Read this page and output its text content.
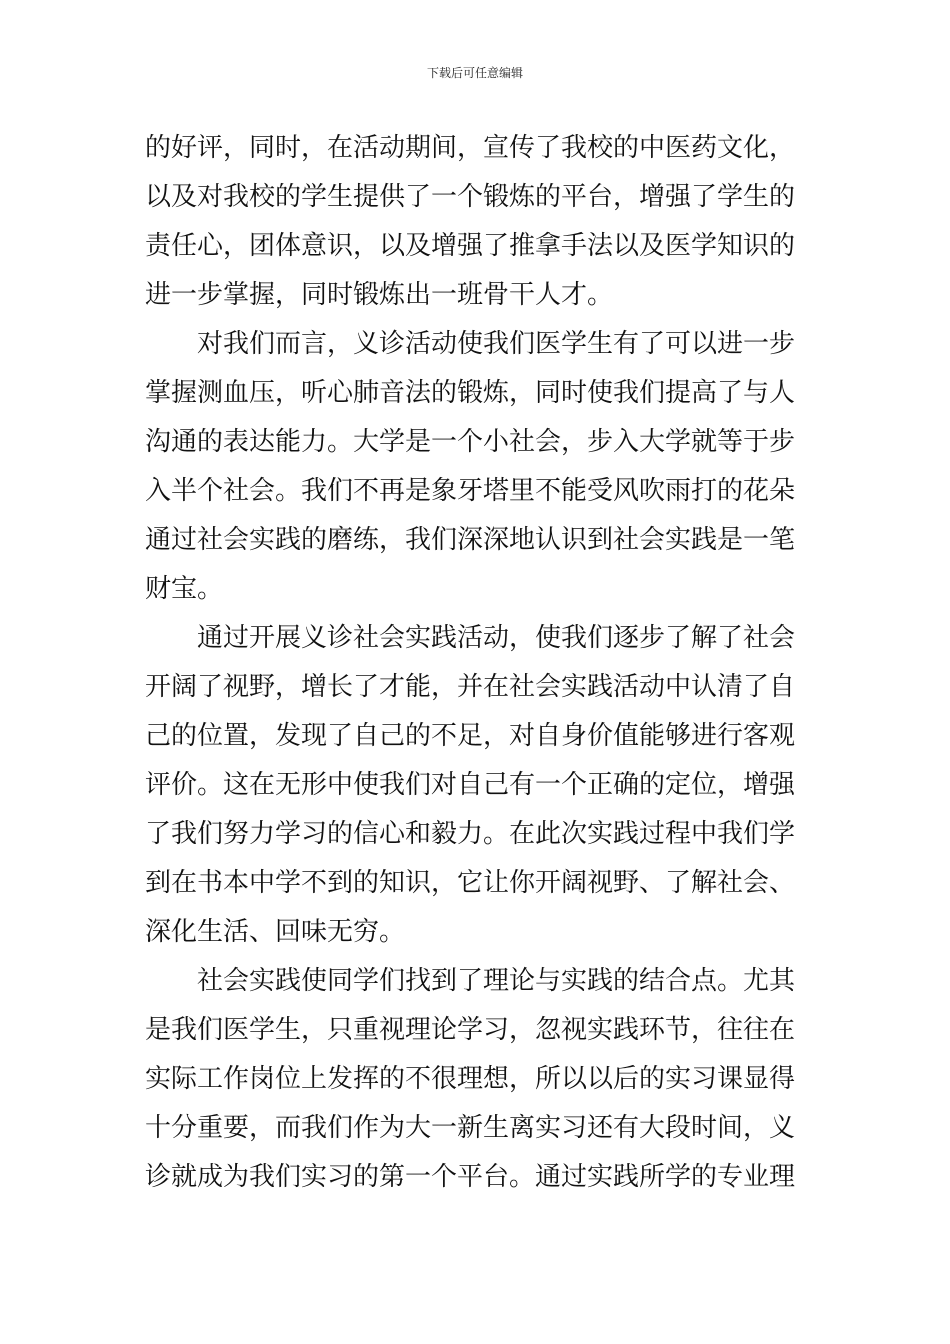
下载后可任意编辑
的好评，同时，在活动期间，宣传了我校的中医药文化，
以及对我校的学生提供了一个锻炼的平台，增强了学生的
责任心，团体意识，以及增强了推拿手法以及医学知识的
进一步掌握，同时锻炼出一班骨干人才。
　　对我们而言，义诊活动使我们医学生有了可以进一步
掌握测血压，听心肺音法的锻炼，同时使我们提高了与人
沟通的表达能力。大学是一个小社会，步入大学就等于步
入半个社会。我们不再是象牙塔里不能受风吹雨打的花朵
通过社会实践的磨练，我们深深地认识到社会实践是一笔
财宝。
　　通过开展义诊社会实践活动，使我们逐步了解了社会
开阔了视野，增长了才能，并在社会实践活动中认清了自
己的位置，发现了自己的不足，对自身价值能够进行客观
评价。这在无形中使我们对自己有一个正确的定位，增强
了我们努力学习的信心和毅力。在此次实践过程中我们学
到在书本中学不到的知识，它让你开阔视野、了解社会、
深化生活、回味无穷。
　　社会实践使同学们找到了理论与实践的结合点。尤其
是我们医学生，只重视理论学习，忽视实践环节，往往在
实际工作岗位上发挥的不很理想，所以以后的实习课显得
十分重要，而我们作为大一新生离实习还有大段时间，义
诊就成为我们实习的第一个平台。通过实践所学的专业理
